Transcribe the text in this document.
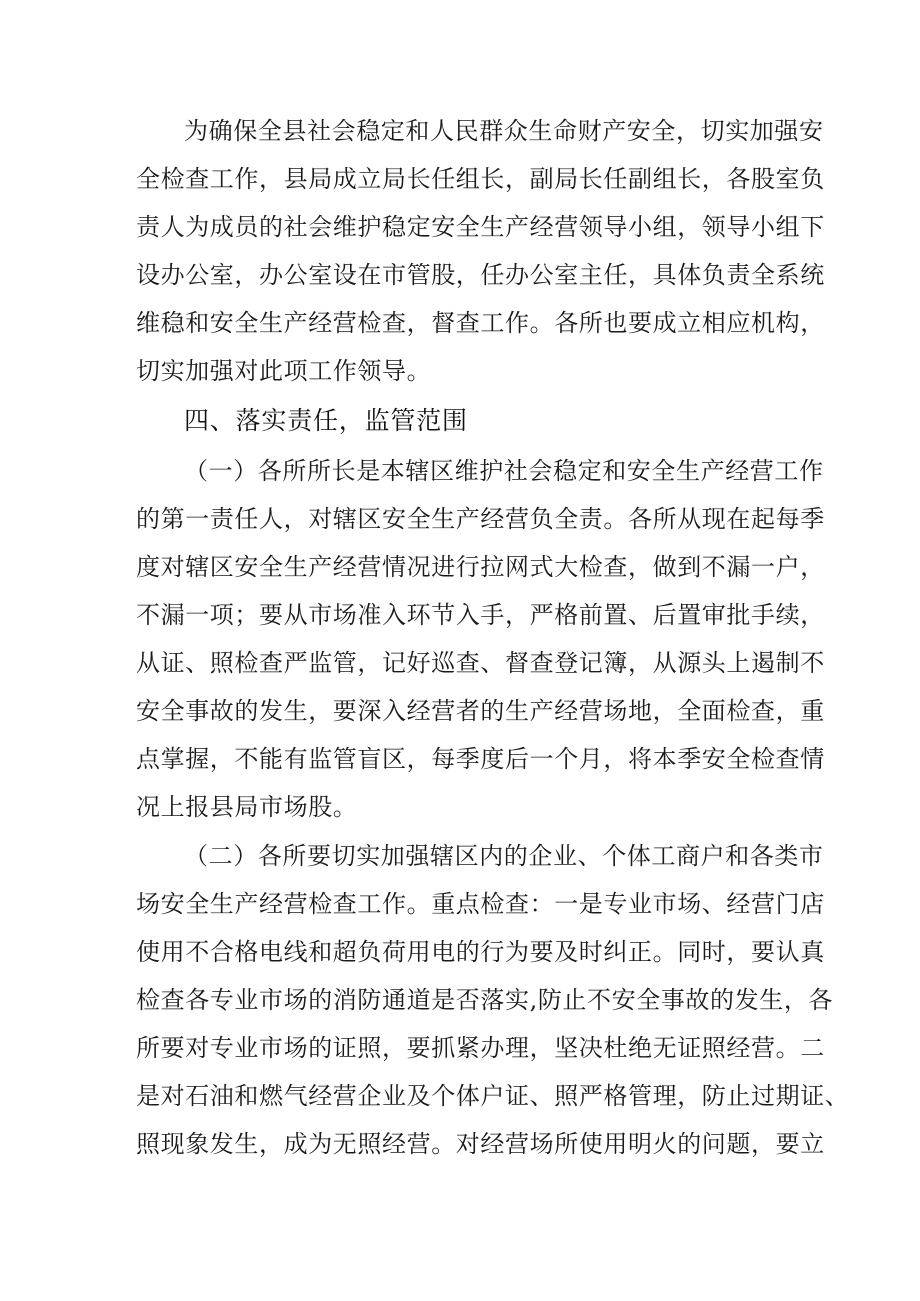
为确保全县社会稳定和人民群众生命财产安全，切实加强安
全检查工作，县局成立局长任组长，副局长任副组长，各股室负
责人为成员的社会维护稳定安全生产经营领导小组，领导小组下
设办公室，办公室设在市管股，任办公室主任，具体负责全系统
维稳和安全生产经营检查，督查工作。各所也要成立相应机构，
切实加强对此项工作领导。
四、落实责任，监管范围
（一）各所所长是本辖区维护社会稳定和安全生产经营工作
的第一责任人，对辖区安全生产经营负全责。各所从现在起每季
度对辖区安全生产经营情况进行拉网式大检查，做到不漏一户，
不漏一项；要从市场准入环节入手，严格前置、后置审批手续，
从证、照检查严监管，记好巡查、督查登记簿，从源头上遏制不
安全事故的发生，要深入经营者的生产经营场地，全面检查，重
点掌握，不能有监管盲区，每季度后一个月，将本季安全检查情
况上报县局市场股。
（二）各所要切实加强辖区内的企业、个体工商户和各类市
场安全生产经营检查工作。重点检查：一是专业市场、经营门店
使用不合格电线和超负荷用电的行为要及时纠正。同时，要认真
检查各专业市场的消防通道是否落实,防止不安全事故的发生，各
所要对专业市场的证照，要抓紧办理，坚决杜绝无证照经营。二
是对石油和燃气经营企业及个体户证、照严格管理，防止过期证、
照现象发生，成为无照经营。对经营场所使用明火的问题，要立
